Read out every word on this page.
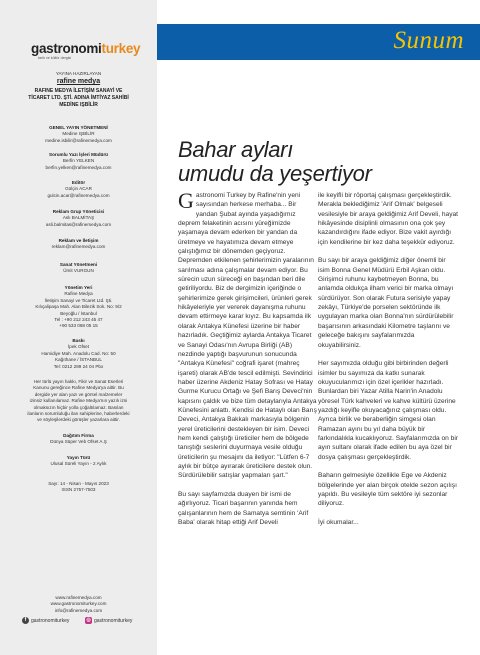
gastronomiturkey
tarih ve kültür dergisi
YAYINA HAZIRLAYAN
rafine medya
RAFINE MEDYA İLETİŞİM SANAYİ VE
TİCARET LTD. ŞTİ. ADINA İMTİYAZ SAHİBİ
MEDİNE IŞBİLİR
GENEL YAYIN YÖNETMENİ
Medine IŞBİLİR
medine.isbilir@rafinemedya.com
Sorumlu Yazı İşleri Müdürü
Berfin YELKEN
berfin.yelken@rafinemedya.com
Editör
Gülçin ACAR
gulcin.acar@rafinemedya.com
Reklam Grup Yöneticisi
Aslı BALMİTAŞ
asli.balmitas@rafinemedya.com
Reklam ve İletişim
reklam@rafinemedya.com
Sanat Yönetmeni
Ümit VURGUN
Yönetim Yeri
Rafine Medya
İletişim Sanayi ve Ticaret Ltd. Şti.
Kılıçalipaşa Mah. Alan Bilezik Sok. No: 9/2
Beyoğlu / İstanbul
Tel : +90 212 243 45 47
+90 533 068 05 15
Baskı
İpek Ofset
Hamidiye Mah. Anadolu Cad. No: 50
Kağıthane / İSTANBUL
Tel: 0212 289 24 04 Pbx
Her türlü yayın hakkı, Fikir ve Sanat Eserleri
Kanunu gereğince Rafine Medya'ya aittir. Bu
dergide yer alan yazı ve görsel malzemeler
izinsiz kullanılamaz. Rafine Medya'nın yazılı izni
olmaksızın hiçbir yolla çoğaltılamaz. Basılan
ilanların sorumluluğu ilan sahiplerine, haberlerdeki
ve söyleşilerdeki görüşler yazarlara aittir.
Dağıtım Firma
Dünya Süper Veb Ofset A.Ş
Yayın Türü
Ulusal Süreli Yayın - 2 Aylık
Sayı: 14 - Nisan - Mayıs 2023
ISSN 2757-7503
www.rafinemedya.com
www.gastronomiturkey.com
info@rafinemedya.com
f gastronomiturkey	◎ gastronomiturkey
Sunum
Bahar ayları
umudu da yeşertiyor

Gastronomi Turkey by Rafine'nin yeni sayısından herkese merhaba... Bir yandan Şubat ayında yaşadığımız deprem felaketinin acısını yüreğimizde yaşamaya devam ederken bir yandan da üretmeye ve hayatımıza devam etmeye çalıştığımız bir dönemden geçiyoruz. Depremden etkilenen şehirlerimizin yaralarının sarılması adına çalışmalar devam ediyor. Bu sürecin uzun süreceği en başından beri dile getiriliyordu. Biz de dergimizin içeriğinde o şehirlerimize gerek girişimcileri, ürünleri gerek hikâyeleriyle yer vererek dayanışma ruhunu devam ettirmeye karar kıyız. Bu kapsamda ilk olarak Antakya Künefesi üzerine bir haber hazırladık. Geçtiğimiz aylarda Antakya Ticaret ve Sanayi Odası'nın Avrupa Birliği (AB) nezdinde yaptığı başvurunun sonucunda "Antakya Künefesi" coğrafi işaret (mahreç işareti) olarak AB'de tescil edilmişti. Sevindirici haber üzerine Akdeniz Hatay Sofrası ve Hatay Gurme Kurucu Ortağı ve Şefi Barış Deveci'nin kapısını çaldık ve bize tüm detaylarıyla Antakya Künefesini anlattı. Kendisi de Hataylı olan Barış Deveci, Antakya Bakkalı markasıyla bölgenin yerel üreticilerini destekleyen bir isim. Deveci hem kendi çalıştığı üreticiler hem de bölgede tanıştığı seslerini duyurmaya vesile olduğu üreticilerin şu mesajını da iletiyor: "Lütfen 6-7 aylık bir bütçe ayırarak üreticilere destek olun. Sürdürülebilir satışlar yapmaları şart."

Bu sayı sayfamızda duayen bir ismi de ağırlıyoruz. Ticari başarının yanında hem çalışanlarının hem de Samatya semtinin 'Arif Baba' olarak hitap ettiği Arif Develi

ile keyifli bir röportaj çalışması gerçekleştirdik. Merakla beklediğimiz 'Arif Olmak' belgeseli vesilesiyle bir araya geldiğimiz Arif Develi, hayat hikâyesinde disiplinli olmasının ona çok şey kazandırdığını ifade ediyor. Bize vakit ayırdığı için kendilerine bir kez daha teşekkür ediyoruz.

Bu sayı bir araya geldiğimiz diğer önemli bir isim Bonna Genel Müdürü Erbil Aşkan oldu. Girişimci ruhunu kaybetmeyen Bonna, bu anlamda oldukça ilham verici bir marka olmayı sürdürüyor. Son olarak Futura serisiyle yapay zekâyı, Türkiye'de porselen sektöründe ilk uygulayan marka olan Bonna'nın sürdürülebilir başarısının arkasındaki Kilometre taşlarını ve geleceğe bakışını sayfalarımızda okuyabilirsiniz.

Her sayımızda olduğu gibi birbirinden değerli isimler bu sayımıza da katkı sunarak okuyucularımızı için özel içerikler hazırladı. Bunlardan biri Yazar Atilla Narin'in Anadolu yöresel Türk kahveleri ve kahve kültürü üzerine yazdığı keyifle okuyacağınız çalışması oldu. Ayrıca birlik ve beraberliğin simgesi olan Ramazan ayını bu yıl daha büyük bir farkındalıkla kucaklıyoruz. Sayfalarımızda on bir ayın sultanı olarak ifade edilen bu aya özel bir dosya çalışması gerçekleştirdik.

Baharın gelmesiyle özellikle Ege ve Akdeniz bölgelerinde yer alan birçok otelde sezon açılışı yapıldı. Bu vesileyle tüm sektöre iyi sezonlar diliyoruz.

İyi okumalar...
